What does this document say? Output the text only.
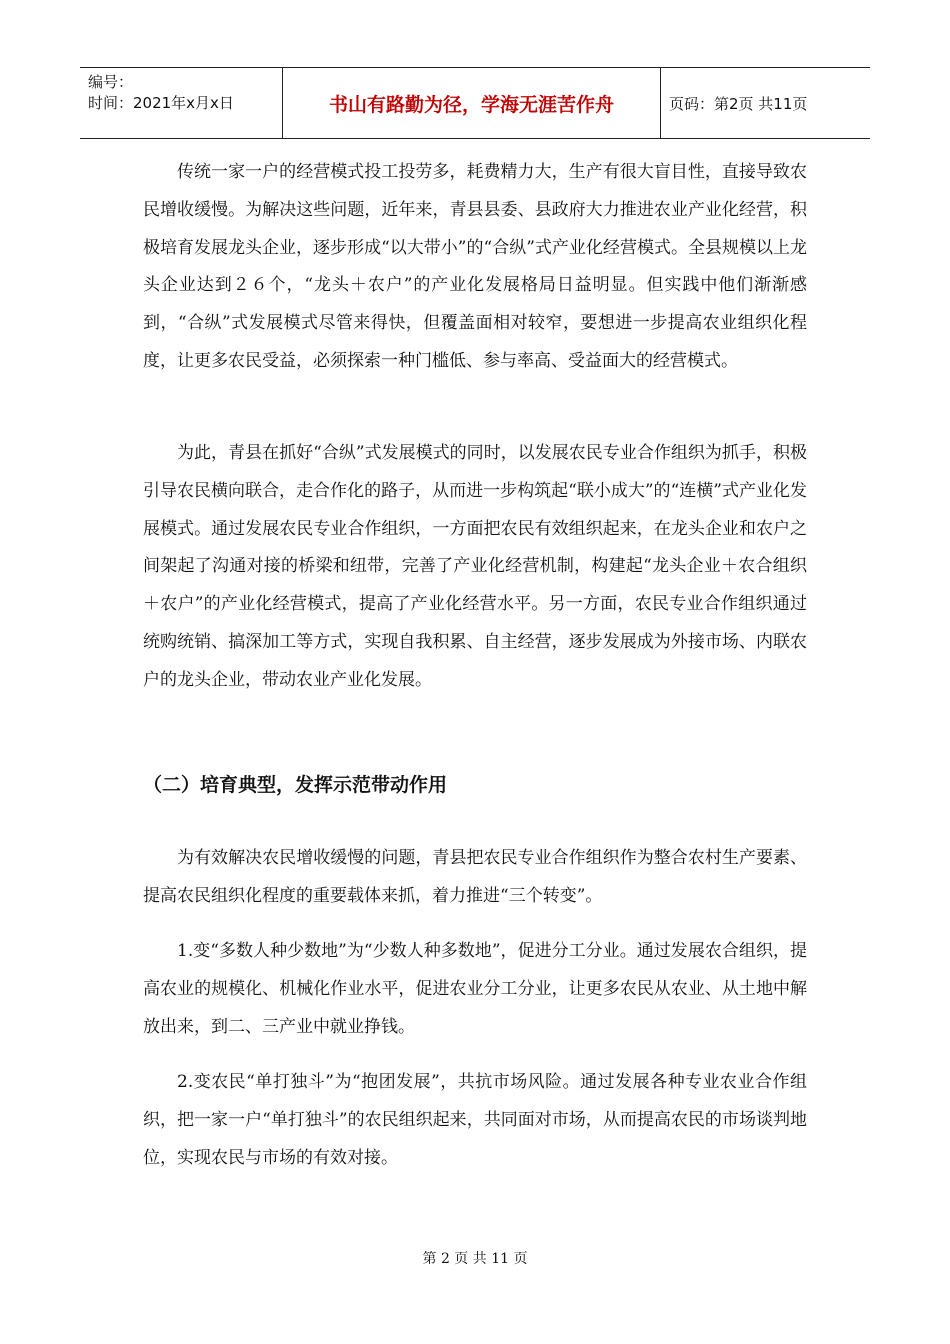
编号：
时间：2021年x月x日	书山有路勤为径，学海无涯苦作舟	页码：第2页 共11页

传统一家一户的经营模式投工投劳多，耗费精力大，生产有很大盲目性，直接导致农民增收缓慢。为解决这些问题，近年来，青县县委、县政府大力推进农业产业化经营，积极培育发展龙头企业，逐步形成“以大带小”的“合纵”式产业化经营模式。全县规模以上龙头企业达到２６个，“龙头＋农户”的产业化发展格局日益明显。但实践中他们渐渐感到，“合纵”式发展模式尽管来得快，但覆盖面相对较窄，要想进一步提高农业组织化程度，让更多农民受益，必须探索一种门槛低、参与率高、受益面大的经营模式。

为此，青县在抓好“合纵”式发展模式的同时，以发展农民专业合作组织为抓手，积极引导农民横向联合，走合作化的路子，从而进一步构筑起“联小成大”的“连横”式产业化发展模式。通过发展农民专业合作组织，一方面把农民有效组织起来，在龙头企业和农户之间架起了沟通对接的桥梁和纽带，完善了产业化经营机制，构建起“龙头企业＋农合组织＋农户”的产业化经营模式，提高了产业化经营水平。另一方面，农民专业合作组织通过统购统销、搞深加工等方式，实现自我积累、自主经营，逐步发展成为外接市场、内联农户的龙头企业，带动农业产业化发展。

（二）培育典型，发挥示范带动作用

为有效解决农民增收缓慢的问题，青县把农民专业合作组织作为整合农村生产要素、提高农民组织化程度的重要载体来抓，着力推进“三个转变”。

1.变“多数人种少数地”为“少数人种多数地”，促进分工分业。通过发展农合组织，提高农业的规模化、机械化作业水平，促进农业分工分业，让更多农民从农业、从土地中解放出来，到二、三产业中就业挣钱。

2.变农民“单打独斗”为“抱团发展”，共抗市场风险。通过发展各种专业农业合作组织，把一家一户“单打独斗”的农民组织起来，共同面对市场，从而提高农民的市场谈判地位，实现农民与市场的有效对接。

第 2 页 共 11 页
